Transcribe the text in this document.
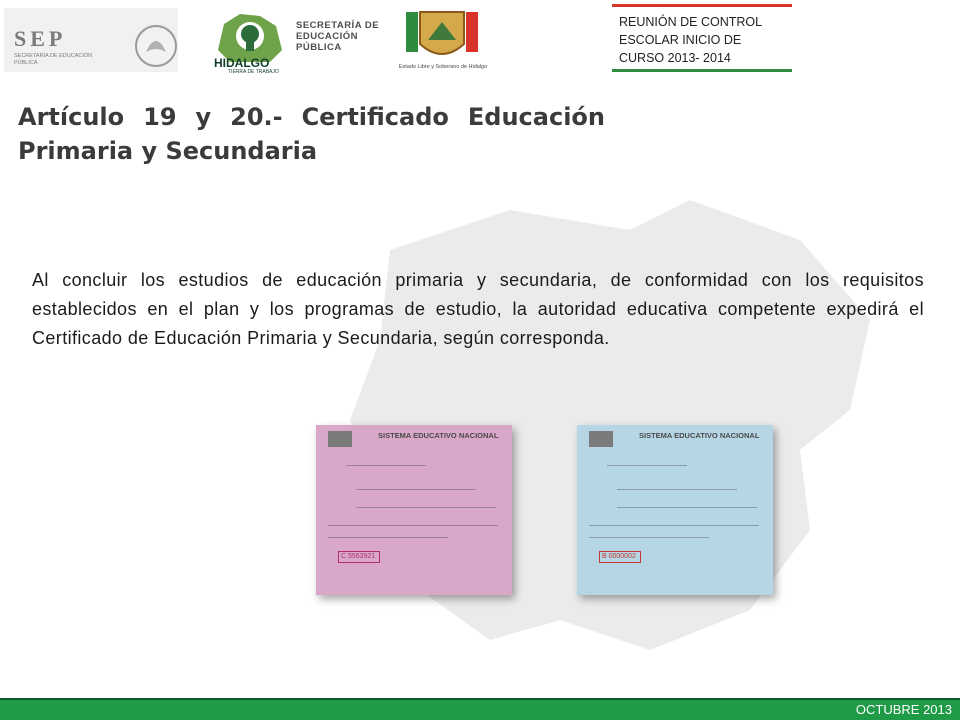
SEP
SECRETARÍA DE EDUCACIÓN PÚBLICA	HIDALGO
TIERRA DE TRABAJO
SECRETARÍA DE
EDUCACIÓN
PÚBLICA
Estado Libre y Soberano de Hidalgo
REUNIÓN DE CONTROL
ESCOLAR INICIO DE
CURSO 2013- 2014
Artículo 19 y 20.- Certificado Educación Primaria y Secundaria
Al concluir los estudios de educación primaria y secundaria, de conformidad con los requisitos establecidos en el plan y los programas de estudio, la autoridad educativa competente expedirá el Certificado de Educación Primaria y Secundaria, según corresponda.
SISTEMA EDUCATIVO NACIONAL
C 5563921
SISTEMA EDUCATIVO NACIONAL
B 0000002
OCTUBRE 2013
